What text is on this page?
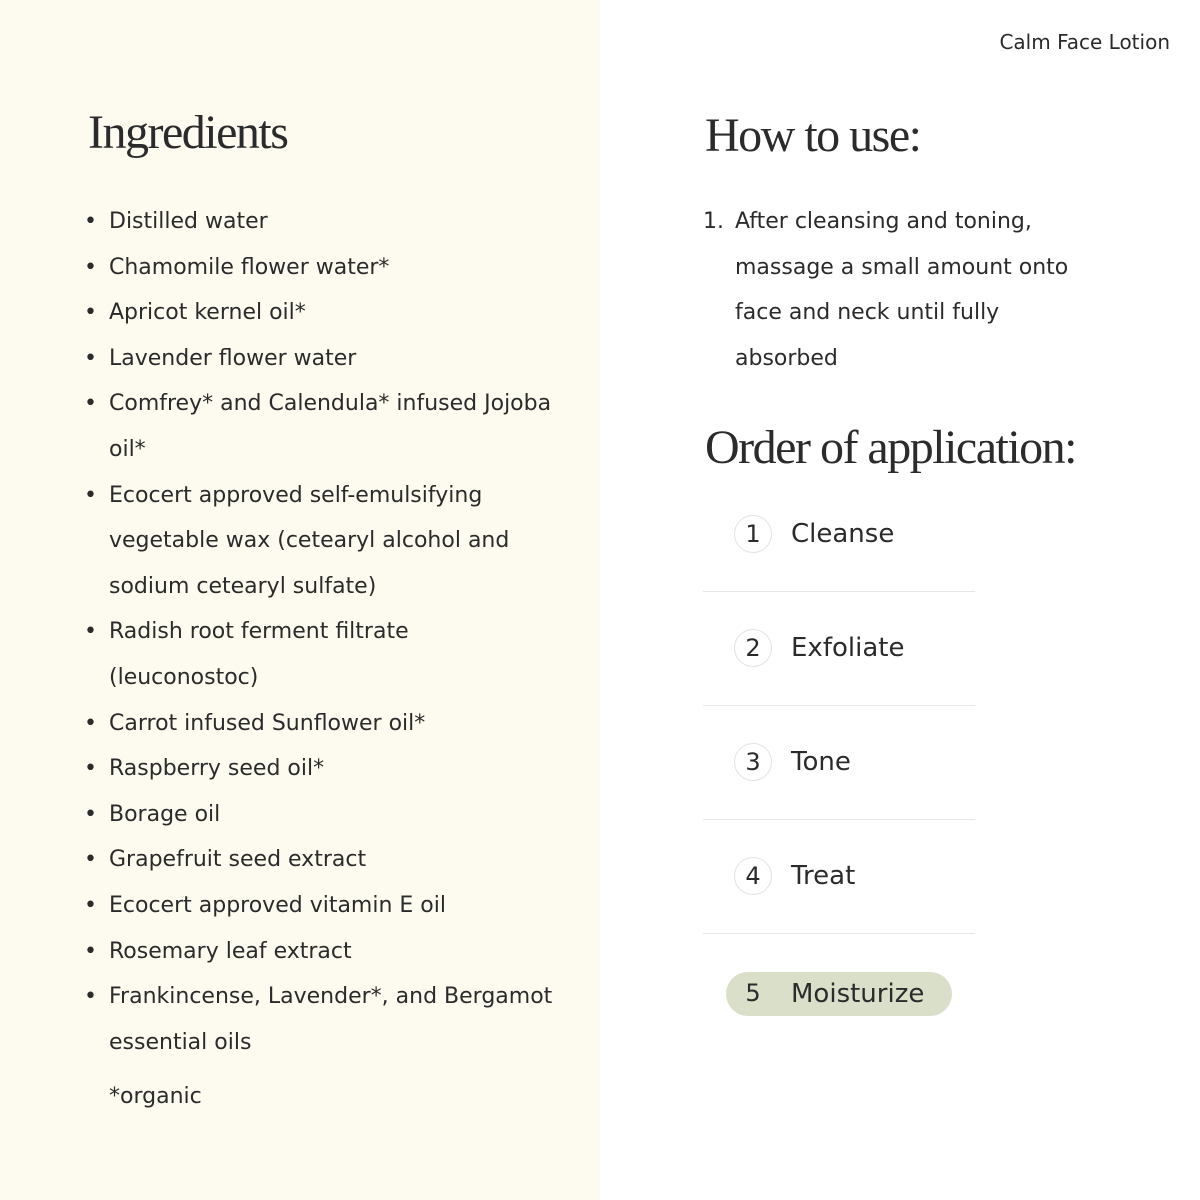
Calm Face Lotion
Ingredients
• Distilled water
• Chamomile flower water*
• Apricot kernel oil*
• Lavender flower water
• Comfrey* and Calendula* infused Jojoba oil*
• Ecocert approved self-emulsifying vegetable wax (cetearyl alcohol and sodium cetearyl sulfate)
• Radish root ferment filtrate (leuconostoc)
• Carrot infused Sunflower oil*
• Raspberry seed oil*
• Borage oil
• Grapefruit seed extract
• Ecocert approved vitamin E oil
• Rosemary leaf extract
• Frankincense, Lavender*, and Bergamot essential oils
*organic
How to use:
1. After cleansing and toning, massage a small amount onto face and neck until fully absorbed
Order of application:
1	Cleanse
2	Exfoliate
3	Tone
4	Treat
5	Moisturize
